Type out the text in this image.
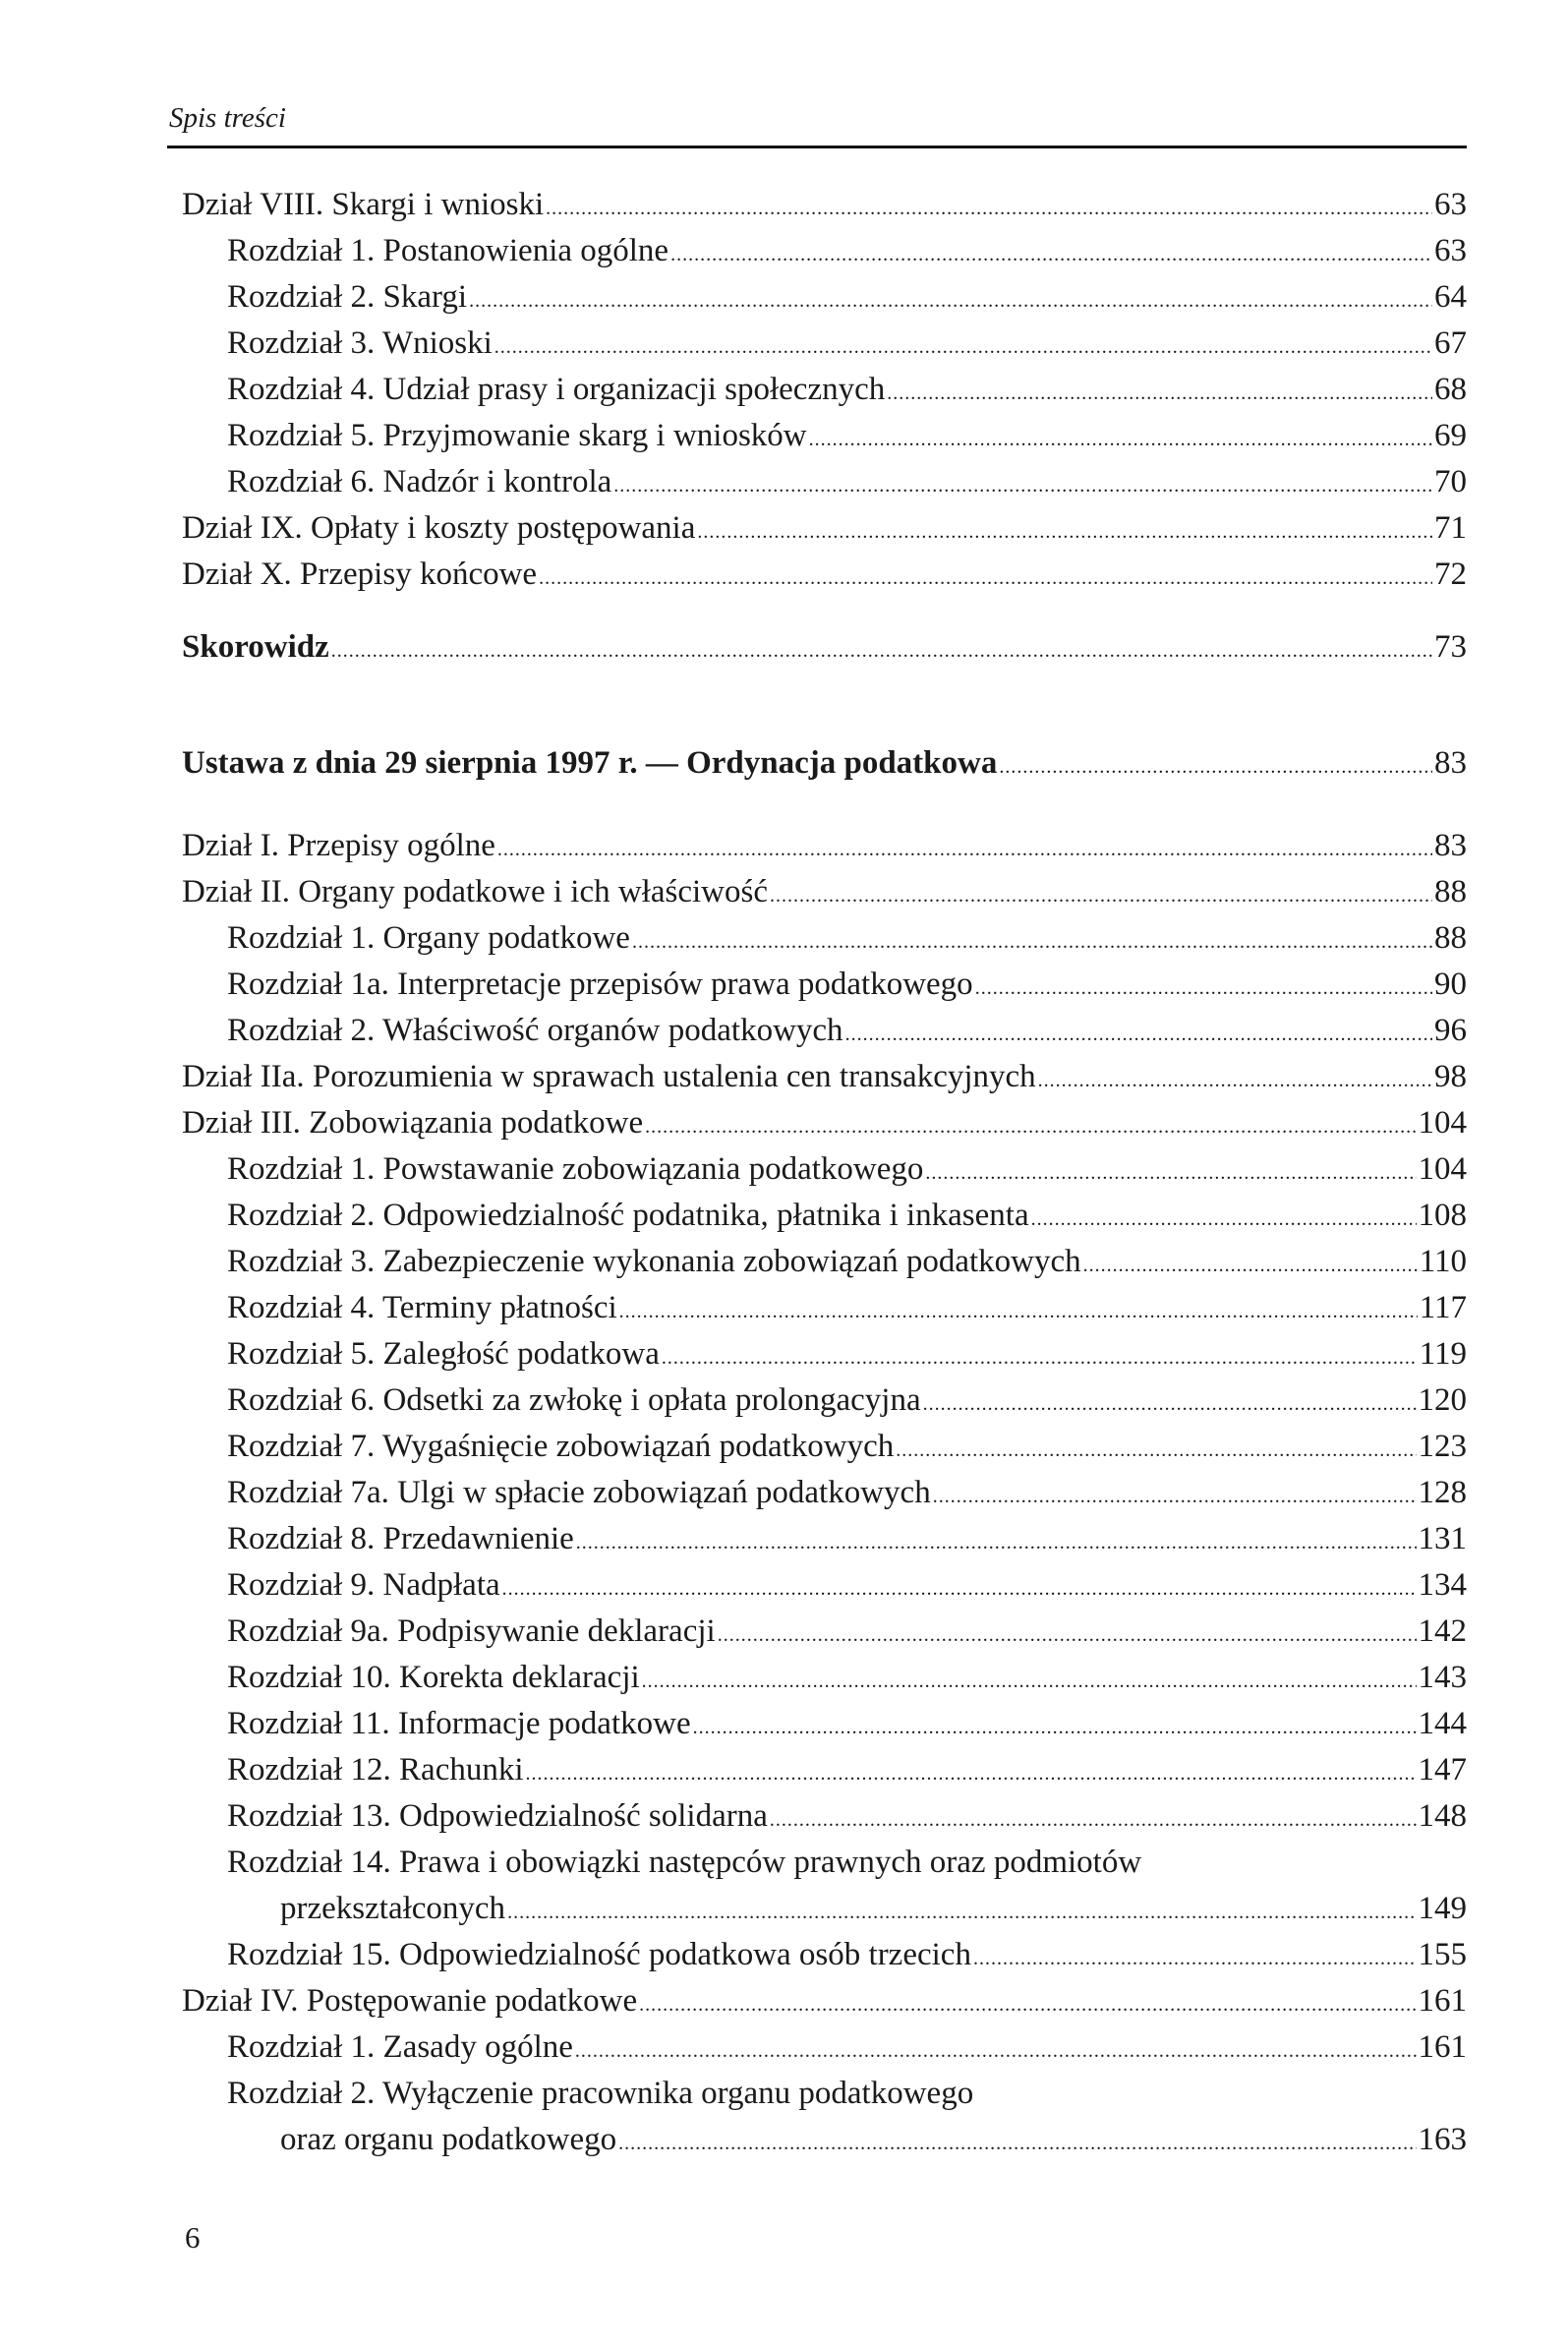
Spis treści
Dział VIII. Skargi i wnioski .....	63
Rozdział 1. Postanowienia ogólne .....	63
Rozdział 2. Skargi .....	64
Rozdział 3. Wnioski .....	67
Rozdział 4. Udział prasy i organizacji społecznych .....	68
Rozdział 5. Przyjmowanie skarg i wniosków .....	69
Rozdział 6. Nadzór i kontrola .....	70
Dział IX. Opłaty i koszty postępowania .....	71
Dział X. Przepisy końcowe .....	72
Skorowidz .....	73
Ustawa z dnia 29 sierpnia 1997 r. — Ordynacja podatkowa .....	83
Dział I. Przepisy ogólne .....	83
Dział II. Organy podatkowe i ich właściwość .....	88
Rozdział 1. Organy podatkowe .....	88
Rozdział 1a. Interpretacje przepisów prawa podatkowego .....	90
Rozdział 2. Właściwość organów podatkowych .....	96
Dział IIa. Porozumienia w sprawach ustalenia cen transakcyjnych .....	98
Dział III. Zobowiązania podatkowe .....	104
Rozdział 1. Powstawanie zobowiązania podatkowego .....	104
Rozdział 2. Odpowiedzialność podatnika, płatnika i inkasenta .....	108
Rozdział 3. Zabezpieczenie wykonania zobowiązań podatkowych .....	110
Rozdział 4. Terminy płatności .....	117
Rozdział 5. Zaległość podatkowa .....	119
Rozdział 6. Odsetki za zwłokę i opłata prolongacyjna .....	120
Rozdział 7. Wygaśnięcie zobowiązań podatkowych .....	123
Rozdział 7a. Ulgi w spłacie zobowiązań podatkowych .....	128
Rozdział 8. Przedawnienie .....	131
Rozdział 9. Nadpłata .....	134
Rozdział 9a. Podpisywanie deklaracji .....	142
Rozdział 10. Korekta deklaracji .....	143
Rozdział 11. Informacje podatkowe .....	144
Rozdział 12. Rachunki .....	147
Rozdział 13. Odpowiedzialność solidarna .....	148
Rozdział 14. Prawa i obowiązki następców prawnych oraz podmiotów
przekształconych .....	149
Rozdział 15. Odpowiedzialność podatkowa osób trzecich .....	155
Dział IV. Postępowanie podatkowe .....	161
Rozdział 1. Zasady ogólne .....	161
Rozdział 2. Wyłączenie pracownika organu podatkowego
oraz organu podatkowego .....	163
6
